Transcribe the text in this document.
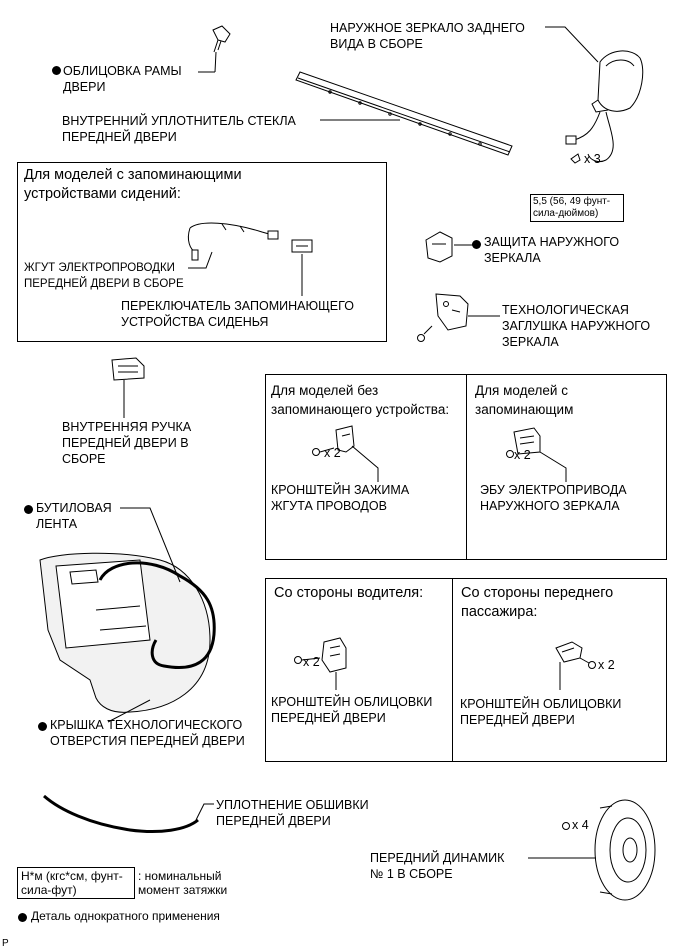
ОБЛИЦОВКА РАМЫ
ДВЕРИ
НАРУЖНОЕ ЗЕРКАЛО ЗАДНЕГО
ВИДА В СБОРЕ
ВНУТРЕННИЙ УПЛОТНИТЕЛЬ СТЕКЛА
ПЕРЕДНЕЙ ДВЕРИ
x 3
5,5 (56, 49 фунт-
сила-дюймов)
Для моделей с запоминающими
устройствами сидений:
ЖГУТ ЭЛЕКТРОПРОВОДКИ
ПЕРЕДНЕЙ ДВЕРИ В СБОРЕ
ПЕРЕКЛЮЧАТЕЛЬ ЗАПОМИНАЮЩЕГО
УСТРОЙСТВА СИДЕНЬЯ
ЗАЩИТА НАРУЖНОГО
ЗЕРКАЛА
ТЕХНОЛОГИЧЕСКАЯ
ЗАГЛУШКА НАРУЖНОГО
ЗЕРКАЛА
ВНУТРЕННЯЯ РУЧКА
ПЕРЕДНЕЙ ДВЕРИ В
СБОРЕ
Для моделей без
запоминающего устройства:
Для моделей с
запоминающим
x 2	x 2
КРОНШТЕЙН ЗАЖИМА
ЖГУТА ПРОВОДОВ
ЭБУ ЭЛЕКТРОПРИВОДА
НАРУЖНОГО ЗЕРКАЛА
БУТИЛОВАЯ
ЛЕНТА
Со стороны водителя:	Со стороны переднего
пассажира:
x 2	x 2
КРОНШТЕЙН ОБЛИЦОВКИ
ПЕРЕДНЕЙ ДВЕРИ
КРОНШТЕЙН ОБЛИЦОВКИ
ПЕРЕДНЕЙ ДВЕРИ
КРЫШКА ТЕХНОЛОГИЧЕСКОГО
ОТВЕРСТИЯ ПЕРЕДНЕЙ ДВЕРИ
УПЛОТНЕНИЕ ОБШИВКИ
ПЕРЕДНЕЙ ДВЕРИ	x 4
ПЕРЕДНИЙ ДИНАМИК
№ 1 В СБОРЕ
Н*м (кгс*см, фунт-
сила-фут)
: номинальный
момент затяжки
Деталь однократного применения
P
